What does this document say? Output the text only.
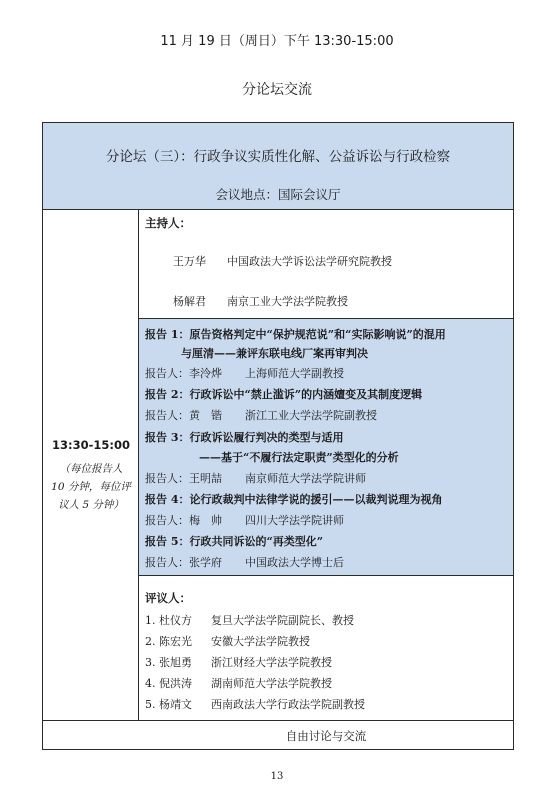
11 月 19 日（周日）下午 13:30-15:00
分论坛交流
分论坛（三）：行政争议实质性化解、公益诉讼与行政检察
会议地点：国际会议厅
13:30-15:00
（每位报告人
10 分钟，每位评
议人 5 分钟）
主持人：
王万华 中国政法大学诉讼法学研究院教授
杨解君 南京工业大学法学院教授
报告 1：原告资格判定中“保护规范说”和“实际影响说”的混用
与厘清——兼评东联电线厂案再审判决
报告人：李泠烨 上海师范大学副教授
报告 2：行政诉讼中“禁止滥诉”的内涵嬗变及其制度逻辑
报告人：黄　锴 浙江工业大学法学院副教授
报告 3：行政诉讼履行判决的类型与适用
——基于“不履行法定职责”类型化的分析
报告人：王明喆 南京师范大学法学院讲师
报告 4：论行政裁判中法律学说的援引——以裁判说理为视角
报告人：梅　帅 四川大学法学院讲师
报告 5：行政共同诉讼的“再类型化”
报告人：张学府 中国政法大学博士后
评议人：
1. 杜仪方 复旦大学法学院副院长、教授
2. 陈宏光 安徽大学法学院教授
3. 张旭勇 浙江财经大学法学院教授
4. 倪洪涛 湖南师范大学法学院教授
5. 杨靖文 西南政法大学行政法学院副教授
自由讨论与交流
13
